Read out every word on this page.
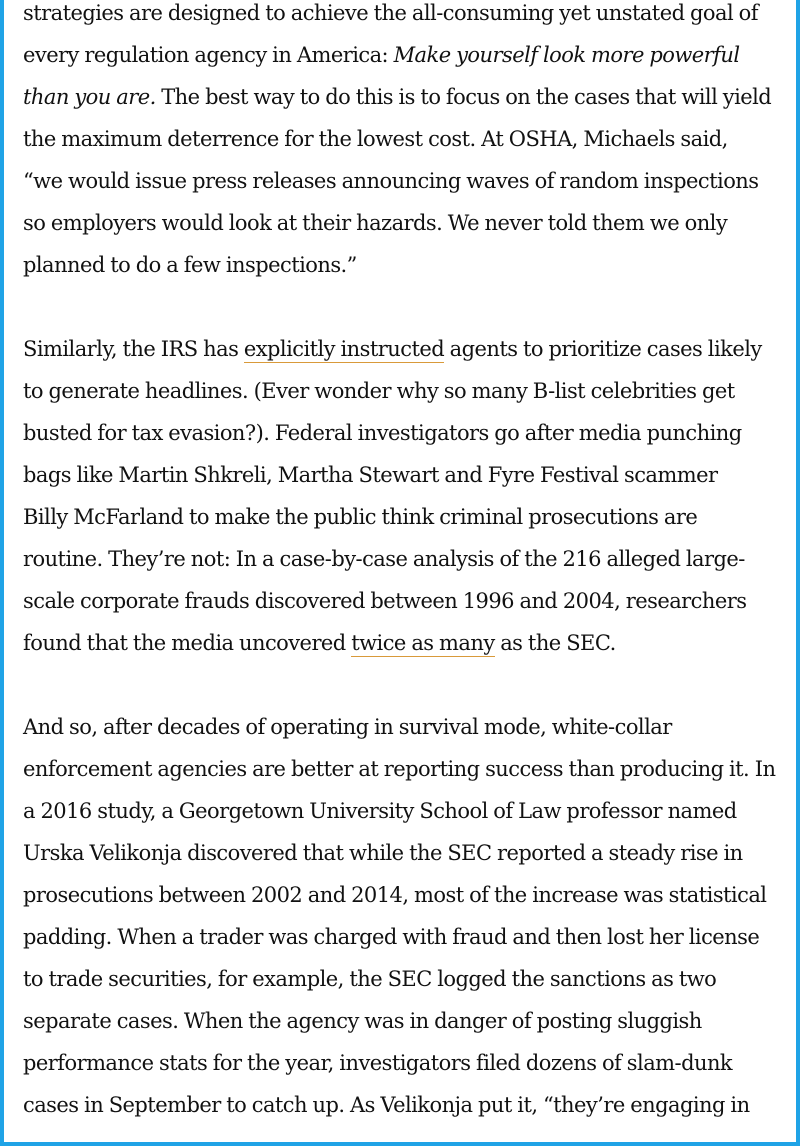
strategies are designed to achieve the all-consuming yet unstated goal of
every regulation agency in America: Make yourself look more powerful
than you are. The best way to do this is to focus on the cases that will yield
the maximum deterrence for the lowest cost. At OSHA, Michaels said,
“we would issue press releases announcing waves of random inspections
so employers would look at their hazards. We never told them we only
planned to do a few inspections.”

Similarly, the IRS has explicitly instructed agents to prioritize cases likely
to generate headlines. (Ever wonder why so many B-list celebrities get
busted for tax evasion?). Federal investigators go after media punching
bags like Martin Shkreli, Martha Stewart and Fyre Festival scammer
Billy McFarland to make the public think criminal prosecutions are
routine. They’re not: In a case-by-case analysis of the 216 alleged large-
scale corporate frauds discovered between 1996 and 2004, researchers
found that the media uncovered twice as many as the SEC.

And so, after decades of operating in survival mode, white-collar
enforcement agencies are better at reporting success than producing it. In
a 2016 study, a Georgetown University School of Law professor named
Urska Velikonja discovered that while the SEC reported a steady rise in
prosecutions between 2002 and 2014, most of the increase was statistical
padding. When a trader was charged with fraud and then lost her license
to trade securities, for example, the SEC logged the sanctions as two
separate cases. When the agency was in danger of posting sluggish
performance stats for the year, investigators filed dozens of slam-dunk
cases in September to catch up. As Velikonja put it, “they’re engaging in
